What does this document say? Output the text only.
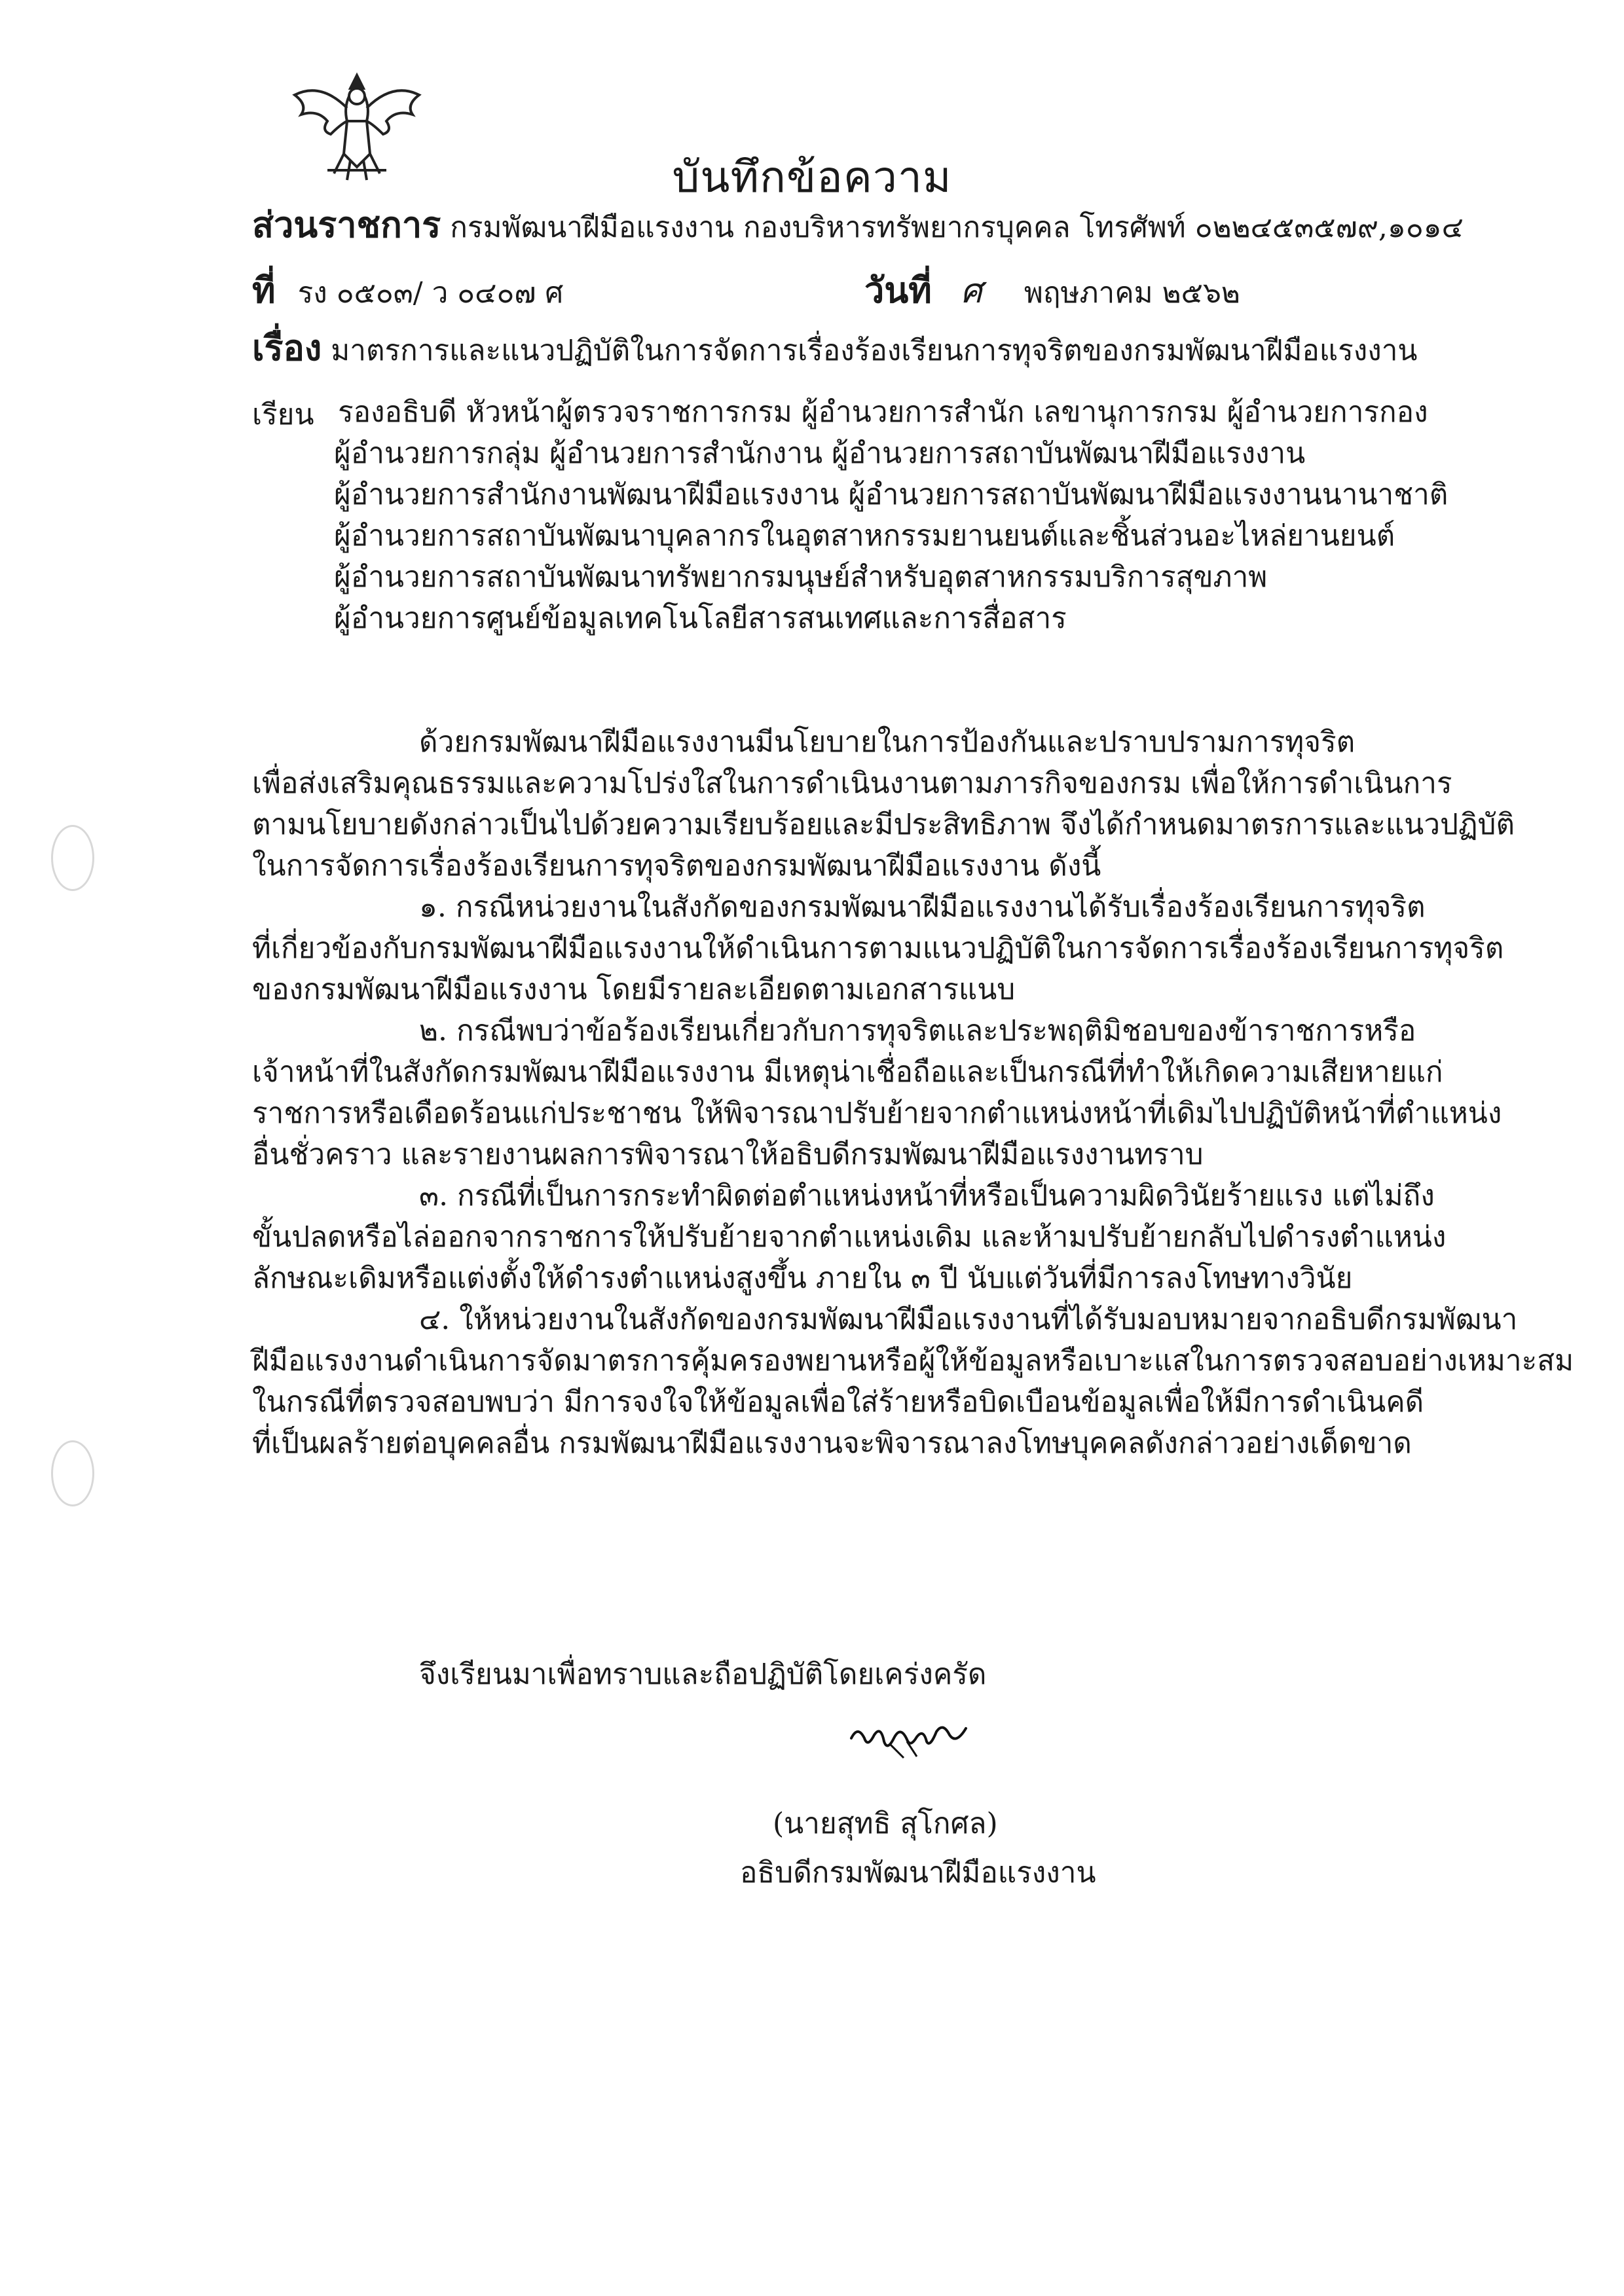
บันทึกข้อความ
ส่วนราชการ กรมพัฒนาฝีมือแรงงาน กองบริหารทรัพยากรบุคคล โทรศัพท์ ๐๒๒๔๕๓๕๗๙,๑๐๑๔
ที่ รง ๐๕๐๓/ ว ๐๔๐๗ ศ	วันที่ ศ พฤษภาคม ๒๕๖๒
เรื่อง มาตรการและแนวปฏิบัติในการจัดการเรื่องร้องเรียนการทุจริตของกรมพัฒนาฝีมือแรงงาน
เรียน รองอธิบดี หัวหน้าผู้ตรวจราชการกรม ผู้อำนวยการสำนัก เลขานุการกรม ผู้อำนวยการกอง
ผู้อำนวยการกลุ่ม ผู้อำนวยการสำนักงาน ผู้อำนวยการสถาบันพัฒนาฝีมือแรงงาน
ผู้อำนวยการสำนักงานพัฒนาฝีมือแรงงาน ผู้อำนวยการสถาบันพัฒนาฝีมือแรงงานนานาชาติ
ผู้อำนวยการสถาบันพัฒนาบุคลากรในอุตสาหกรรมยานยนต์และชิ้นส่วนอะไหล่ยานยนต์
ผู้อำนวยการสถาบันพัฒนาทรัพยากรมนุษย์สำหรับอุตสาหกรรมบริการสุขภาพ
ผู้อำนวยการศูนย์ข้อมูลเทคโนโลยีสารสนเทศและการสื่อสาร
ด้วยกรมพัฒนาฝีมือแรงงานมีนโยบายในการป้องกันและปราบปรามการทุจริต
เพื่อส่งเสริมคุณธรรมและความโปร่งใสในการดำเนินงานตามภารกิจของกรม เพื่อให้การดำเนินการ
ตามนโยบายดังกล่าวเป็นไปด้วยความเรียบร้อยและมีประสิทธิภาพ จึงได้กำหนดมาตรการและแนวปฏิบัติ
ในการจัดการเรื่องร้องเรียนการทุจริตของกรมพัฒนาฝีมือแรงงาน ดังนี้
๑. กรณีหน่วยงานในสังกัดของกรมพัฒนาฝีมือแรงงานได้รับเรื่องร้องเรียนการทุจริต
ที่เกี่ยวข้องกับกรมพัฒนาฝีมือแรงงานให้ดำเนินการตามแนวปฏิบัติในการจัดการเรื่องร้องเรียนการทุจริต
ของกรมพัฒนาฝีมือแรงงาน โดยมีรายละเอียดตามเอกสารแนบ
๒. กรณีพบว่าข้อร้องเรียนเกี่ยวกับการทุจริตและประพฤติมิชอบของข้าราชการหรือ
เจ้าหน้าที่ในสังกัดกรมพัฒนาฝีมือแรงงาน มีเหตุน่าเชื่อถือและเป็นกรณีที่ทำให้เกิดความเสียหายแก่
ราชการหรือเดือดร้อนแก่ประชาชน ให้พิจารณาปรับย้ายจากตำแหน่งหน้าที่เดิมไปปฏิบัติหน้าที่ตำแหน่ง
อื่นชั่วคราว และรายงานผลการพิจารณาให้อธิบดีกรมพัฒนาฝีมือแรงงานทราบ
๓. กรณีที่เป็นการกระทำผิดต่อตำแหน่งหน้าที่หรือเป็นความผิดวินัยร้ายแรง แต่ไม่ถึง
ขั้นปลดหรือไล่ออกจากราชการให้ปรับย้ายจากตำแหน่งเดิม และห้ามปรับย้ายกลับไปดำรงตำแหน่ง
ลักษณะเดิมหรือแต่งตั้งให้ดำรงตำแหน่งสูงขึ้น ภายใน ๓ ปี นับแต่วันที่มีการลงโทษทางวินัย
๔. ให้หน่วยงานในสังกัดของกรมพัฒนาฝีมือแรงงานที่ได้รับมอบหมายจากอธิบดีกรมพัฒนา
ฝีมือแรงงานดำเนินการจัดมาตรการคุ้มครองพยานหรือผู้ให้ข้อมูลหรือเบาะแสในการตรวจสอบอย่างเหมาะสม
ในกรณีที่ตรวจสอบพบว่า มีการจงใจให้ข้อมูลเพื่อใส่ร้ายหรือบิดเบือนข้อมูลเพื่อให้มีการดำเนินคดี
ที่เป็นผลร้ายต่อบุคคลอื่น กรมพัฒนาฝีมือแรงงานจะพิจารณาลงโทษบุคคลดังกล่าวอย่างเด็ดขาด
จึงเรียนมาเพื่อทราบและถือปฏิบัติโดยเคร่งครัด
(นายสุทธิ สุโกศล)
อธิบดีกรมพัฒนาฝีมือแรงงาน
